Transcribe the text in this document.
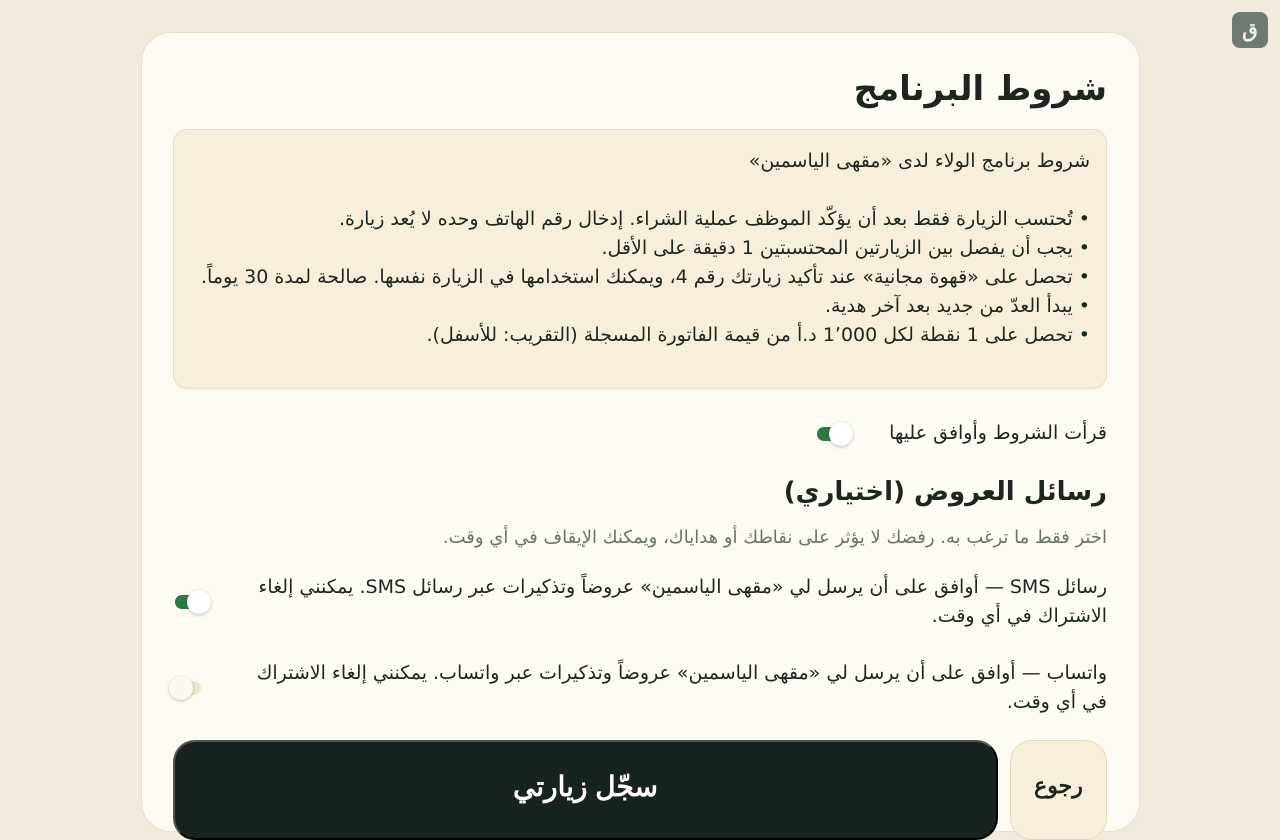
ق
شروط البرنامج
شروط برنامج الولاء لدى «مقهى الياسمين»
• تُحتسب الزيارة فقط بعد أن يؤكّد الموظف عملية الشراء. إدخال رقم الهاتف وحده لا يُعد زيارة.
• يجب أن يفصل بين الزيارتين المحتسبتين 1 دقيقة على الأقل.
• تحصل على «قهوة مجانية» عند تأكيد زيارتك رقم 4، ويمكنك استخدامها في الزيارة نفسها. صالحة لمدة 30 يوماً.
• يبدأ العدّ من جديد بعد آخر هدية.
• تحصل على 1 نقطة لكل 1٬000 د.أ من قيمة الفاتورة المسجلة (التقريب: للأسفل).
قرأت الشروط وأوافق عليها
رسائل العروض (اختياري)

اختر فقط ما ترغب به. رفضك لا يؤثر على نقاطك أو هداياك، ويمكنك الإيقاف في أي وقت.

رسائل SMS — أوافق على أن يرسل لي «مقهى الياسمين» عروضاً وتذكيرات عبر رسائل SMS. يمكنني إلغاء الاشتراك في أي وقت.
واتساب — أوافق على أن يرسل لي «مقهى الياسمين» عروضاً وتذكيرات عبر واتساب. يمكنني إلغاء الاشتراك في أي وقت.
رجوع
سجّل زيارتي
